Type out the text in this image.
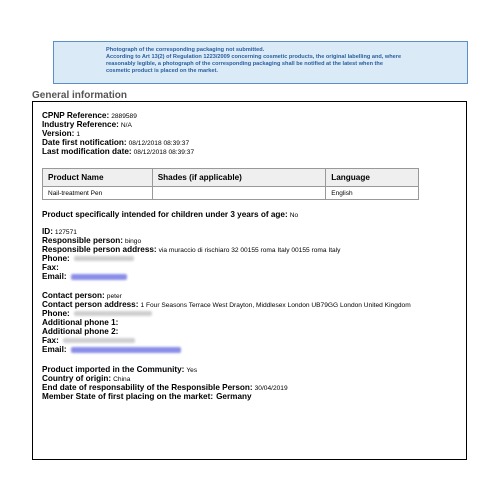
Photograph of the corresponding packaging not submitted.
According to Art 13(2) of Regulation 1223/2009 concerning cosmetic products, the original labelling and, where
reasonably legible, a photograph of the corresponding packaging shall be notified at the latest when the
cosmetic product is placed on the market.
General information
CPNP Reference: 2889589
Industry Reference: N/A
Version: 1
Date first notification: 08/12/2018 08:39:37
Last modification date: 08/12/2018 08:39:37
Product Name	Shades (if applicable)	Language
Nail-treatment Pen		English
Product specifically intended for children under 3 years of age: No
ID: 127571
Responsible person: bingo
Responsible person address: via muraccio di rischiaro 32 00155 roma Italy 00155 roma Italy
Phone:
Fax:
Email:
Contact person: peter
Contact person address: 1 Four Seasons Terrace West Drayton, Middlesex London UB79GG London United Kingdom
Phone:
Additional phone 1:
Additional phone 2:
Fax:
Email:
Product imported in the Community: Yes
Country of origin: China
End date of responsability of the Responsible Person: 30/04/2019
Member State of first placing on the market: Germany
